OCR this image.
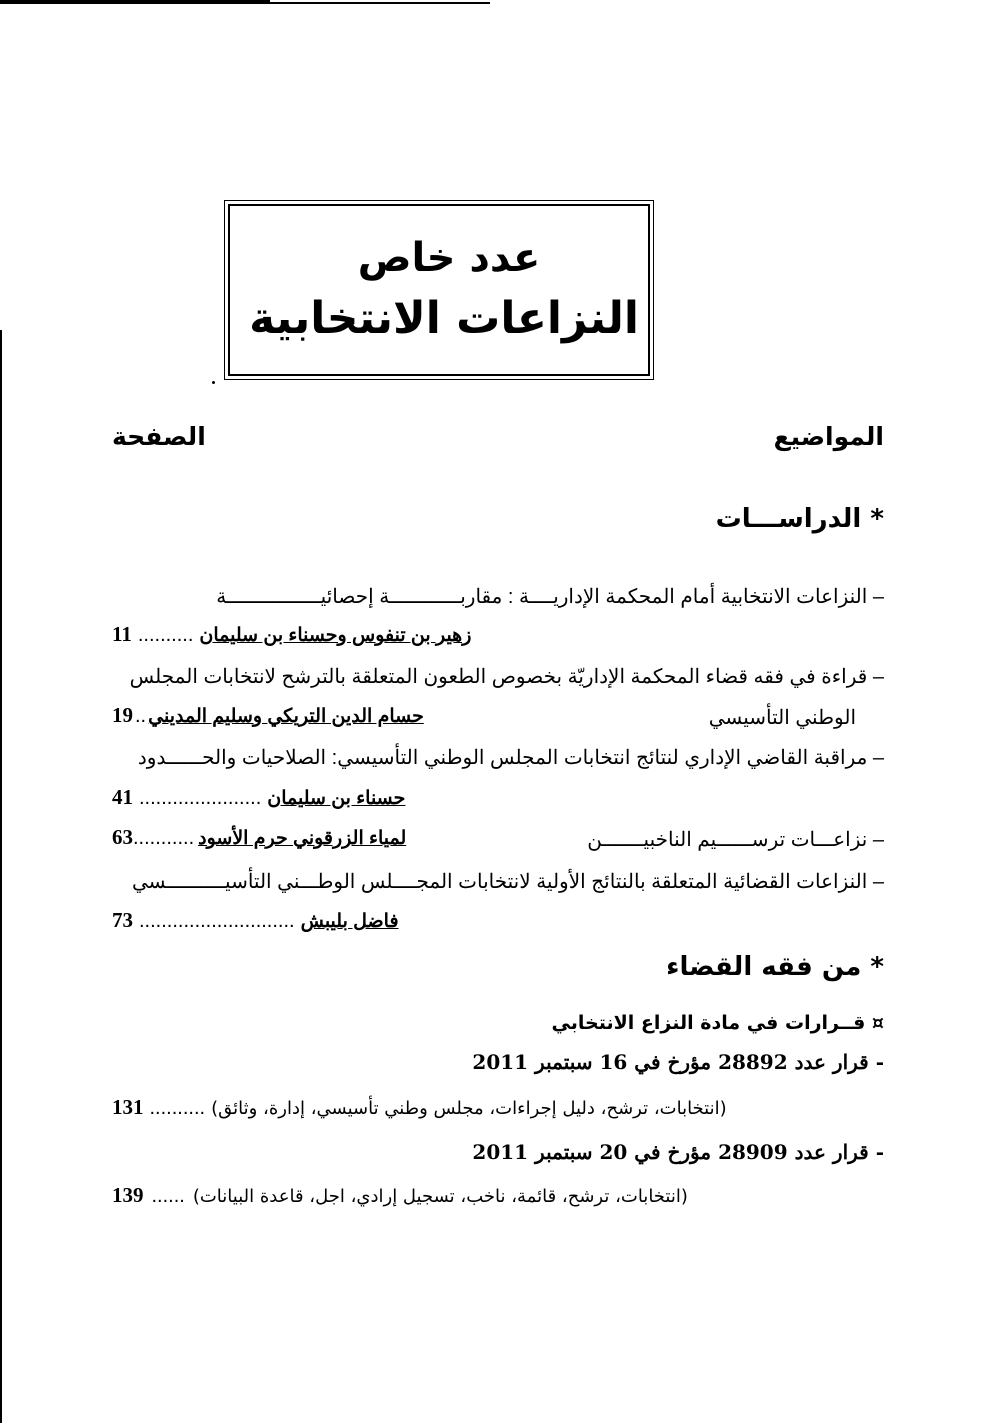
عدد خاص
النزاعات الانتخابية
المواضيع
الصفحة
* الدراســـات
– النزاعات الانتخابية أمام المحكمة الإداريــــة : مقاربــــــــــــة إحصائيــــــــــــــــة
زهير بن تنفوس وحسناء بن سليمان
..........
11
– قراءة في فقه قضاء المحكمة الإداريّة بخصوص الطعون المتعلقة بالترشح لانتخابات المجلس
الوطني التأسيسي
حسام الدين التريكي وسليم المديني
..
19
– مراقبة القاضي الإداري لنتائج انتخابات المجلس الوطني التأسيسي: الصلاحيات والحــــــدود
حسناء بن سليمان
......................
41
– نزاعـــات ترســــــيم الناخبيـــــــن
لمياء الزرقوني حرم الأسود
...........
63
– النزاعات القضائية المتعلقة بالنتائج الأولية لانتخابات المجــــلس الوطـــني التأسيــــــــــسي
فاضل بليبش
............................
73
* من فقه القضاء
¤ قــرارات في مادة النزاع الانتخابي
- قرار عدد 28892 مؤرخ في 16 سبتمبر 2011
(انتخابات، ترشح، دليل إجراءات، مجلس وطني تأسيسي، إدارة، وثائق)
..........
131
- قرار عدد 28909 مؤرخ في 20 سبتمبر 2011
(انتخابات، ترشح، قائمة، ناخب، تسجيل إرادي، اجل، قاعدة البيانات)
......
139
